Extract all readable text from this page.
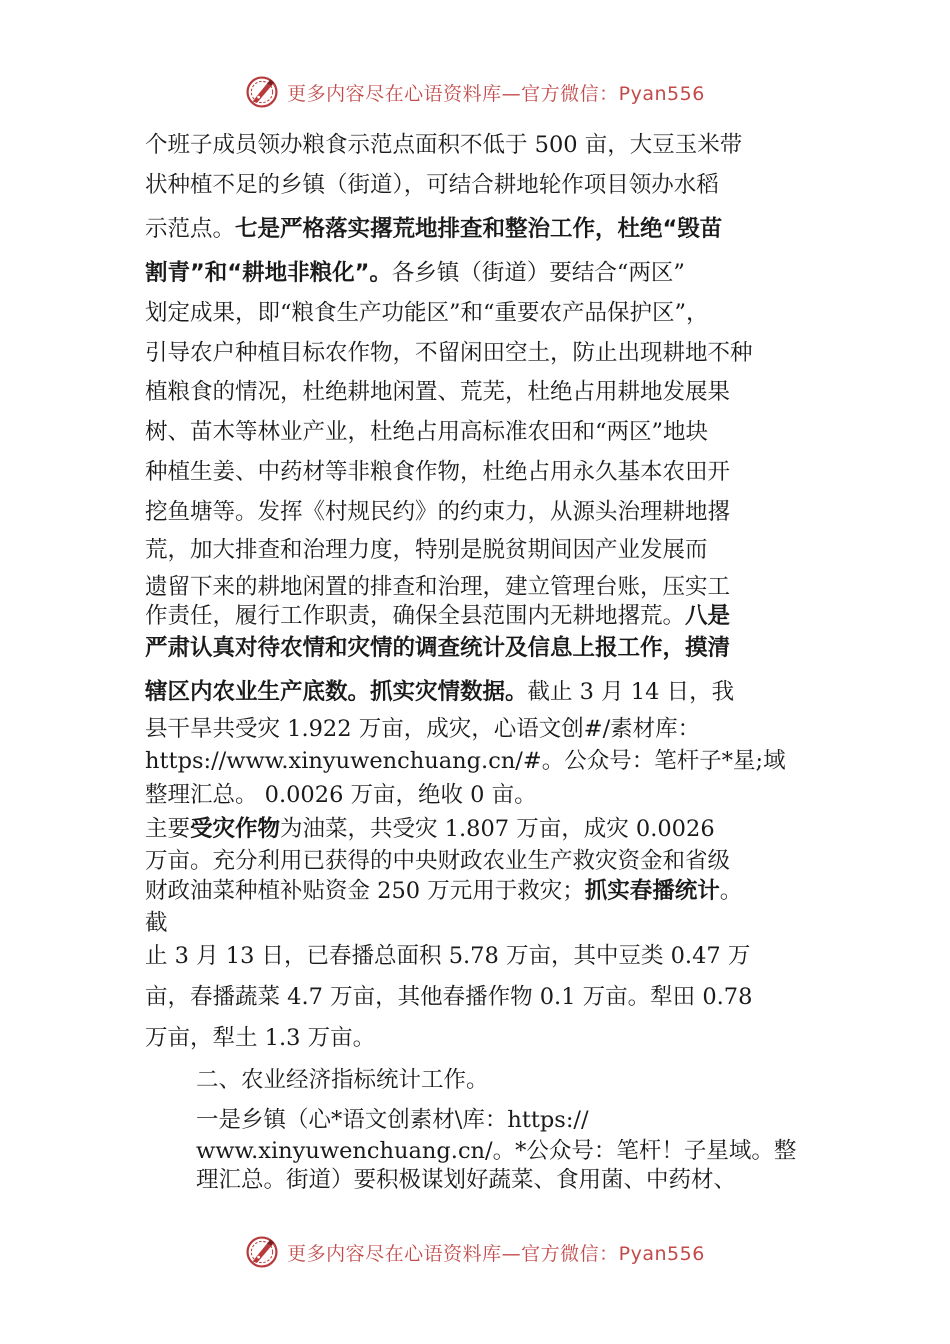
更多内容尽在心语资料库—官方微信：Pyan556
个班子成员领办粮食示范点面积不低于 500 亩，大豆玉米带
状种植不足的乡镇（街道），可结合耕地轮作项目领办水稻
示范点。七是严格落实撂荒地排查和整治工作，杜绝“毁苗
割青”和“耕地非粮化”。各乡镇（街道）要结合“两区”
划定成果，即“粮食生产功能区”和“重要农产品保护区”，
引导农户种植目标农作物，不留闲田空土，防止出现耕地不种
植粮食的情况，杜绝耕地闲置、荒芜，杜绝占用耕地发展果
树、苗木等林业产业，杜绝占用高标准农田和“两区”地块
种植生姜、中药材等非粮食作物，杜绝占用永久基本农田开
挖鱼塘等。发挥《村规民约》的约束力，从源头治理耕地撂
荒，加大排查和治理力度，特别是脱贫期间因产业发展而
遗留下来的耕地闲置的排查和治理，建立管理台账，压实工
作责任，履行工作职责，确保全县范围内无耕地撂荒。八是
严肃认真对待农情和灾情的调查统计及信息上报工作，摸清
辖区内农业生产底数。抓实灾情数据。截止 3 月 14 日，我
县干旱共受灾 1.922 万亩，成灾，心语文创#/素材库：
https://www.xinyuwenchuang.cn/#。公众号：笔杆子*星;域
整理汇总。 0.0026 万亩，绝收 0 亩。
主要受灾作物为油菜，共受灾 1.807 万亩，成灾 0.0026
万亩。充分利用已获得的中央财政农业生产救灾资金和省级
财政油菜种植补贴资金 250 万元用于救灾；抓实春播统计。
截
止 3 月 13 日，已春播总面积 5.78 万亩，其中豆类 0.47 万
亩，春播蔬菜 4.7 万亩，其他春播作物 0.1 万亩。犁田 0.78
万亩，犁土 1.3 万亩。
二、农业经济指标统计工作。
一是乡镇（心*语文创素材\库：https://
www.xinyuwenchuang.cn/。*公众号：笔杆！子星域。整
理汇总。街道）要积极谋划好蔬菜、食用菌、中药材、
更多内容尽在心语资料库—官方微信：Pyan556
